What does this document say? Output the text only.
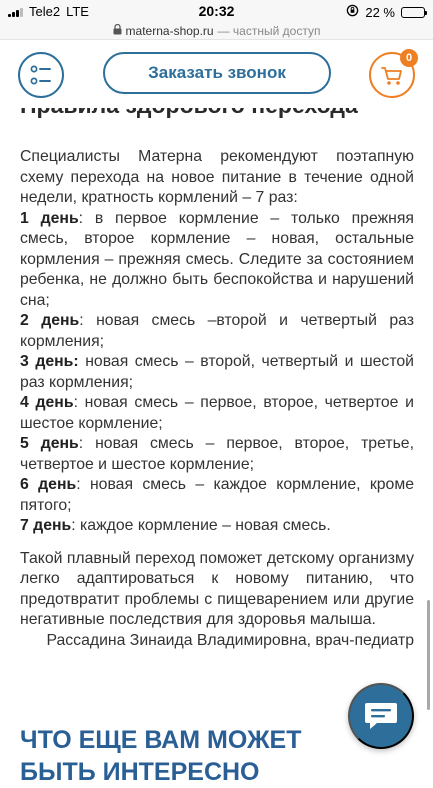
Tele2 LTE	20:32	22 %
materna-shop.ru — частный доступ
Заказать звонок
0

Специалисты Матерна рекомендуют поэтапную схему перехода на новое питание в течение одной недели, кратность кормлений – 7 раз:

1 день: в первое кормление – только прежняя смесь, второе кормление – новая, остальные кормления – прежняя смесь. Следите за состоянием ребенка, не должно быть беспокойства и нарушений сна;

2 день: новая смесь –второй и четвертый раз кормления;

3 день: новая смесь – второй, четвертый и шестой раз кормления;

4 день: новая смесь – первое, второе, четвертое и шестое кормление;

5 день: новая смесь – первое, второе, третье, четвертое и шестое кормление;

6 день: новая смесь – каждое кормление, кроме пятого;

7 день: каждое кормление – новая смесь.

Такой плавный переход поможет детскому организму легко адаптироваться к новому питанию, что предотвратит проблемы с пищеварением или другие негативные последствия для здоровья малыша.

Рассадина Зинаида Владимировна, врач-педиатр

ЧТО ЕЩЕ ВАМ МОЖЕТ БЫТЬ ИНТЕРЕСНО
